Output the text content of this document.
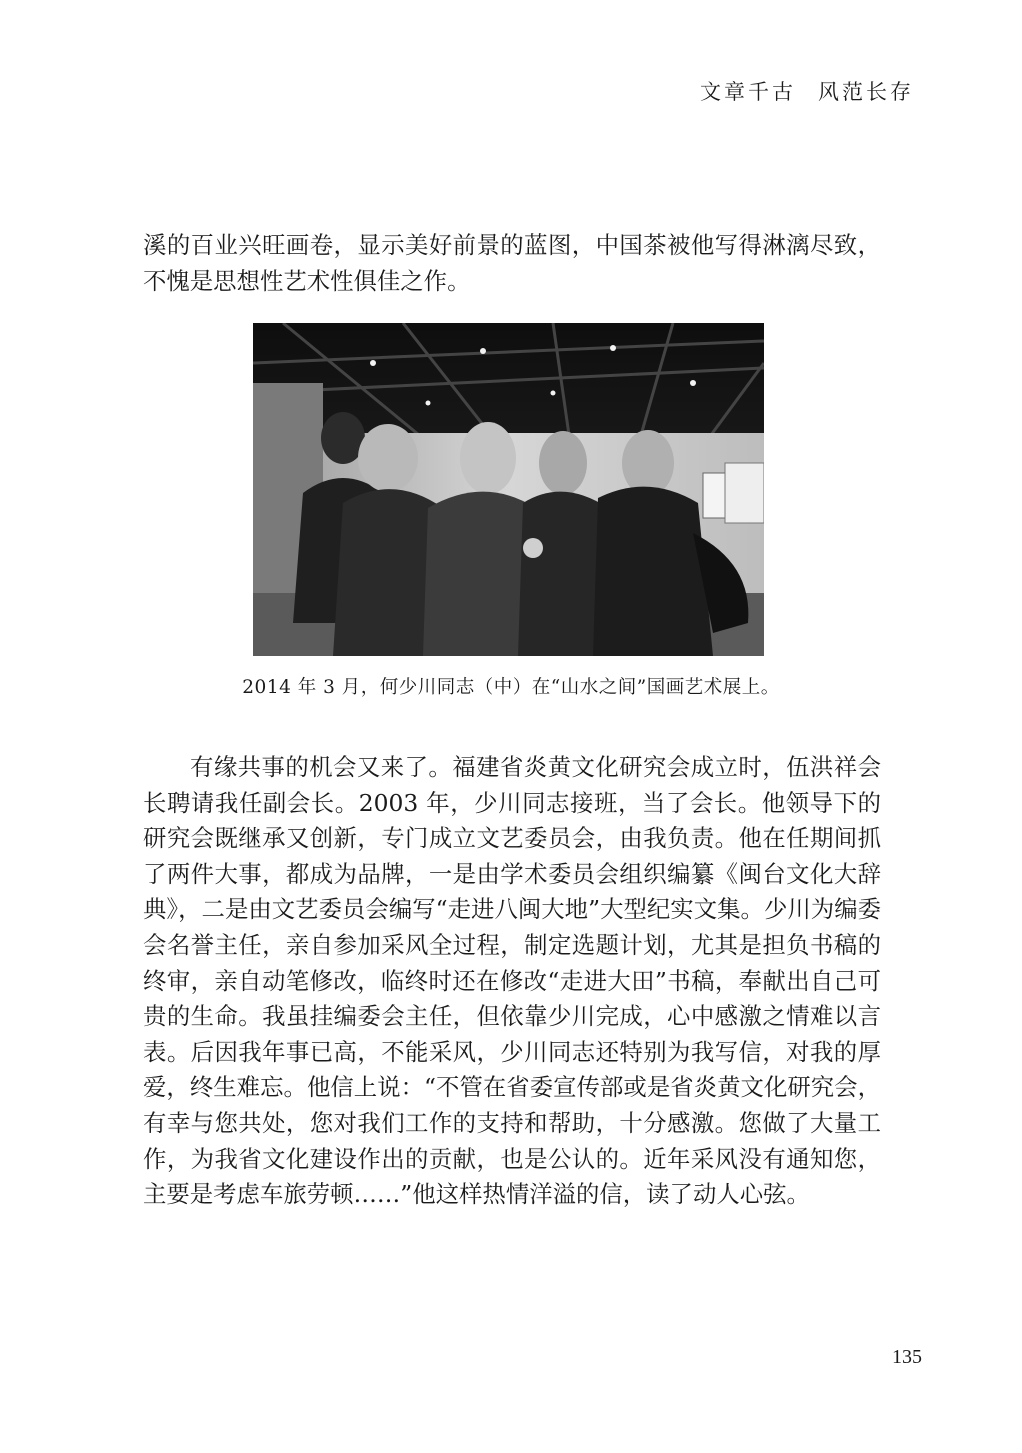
文章千古 风范长存

溪的百业兴旺画卷，显示美好前景的蓝图，中国茶被他写得淋漓尽致，不愧是思想性艺术性俱佳之作。

2014 年 3 月，何少川同志（中）在“山水之间”国画艺术展上。

有缘共事的机会又来了。福建省炎黄文化研究会成立时，伍洪祥会长聘请我任副会长。2003 年，少川同志接班，当了会长。他领导下的研究会既继承又创新，专门成立文艺委员会，由我负责。他在任期间抓了两件大事，都成为品牌，一是由学术委员会组织编纂《闽台文化大辞典》，二是由文艺委员会编写“走进八闽大地”大型纪实文集。少川为编委会名誉主任，亲自参加采风全过程，制定选题计划，尤其是担负书稿的终审，亲自动笔修改，临终时还在修改“走进大田”书稿，奉献出自己可贵的生命。我虽挂编委会主任，但依靠少川完成，心中感激之情难以言表。后因我年事已高，不能采风，少川同志还特别为我写信，对我的厚爱，终生难忘。他信上说：“不管在省委宣传部或是省炎黄文化研究会，有幸与您共处，您对我们工作的支持和帮助，十分感激。您做了大量工作，为我省文化建设作出的贡献，也是公认的。近年采风没有通知您，主要是考虑车旅劳顿……”他这样热情洋溢的信，读了动人心弦。

135
